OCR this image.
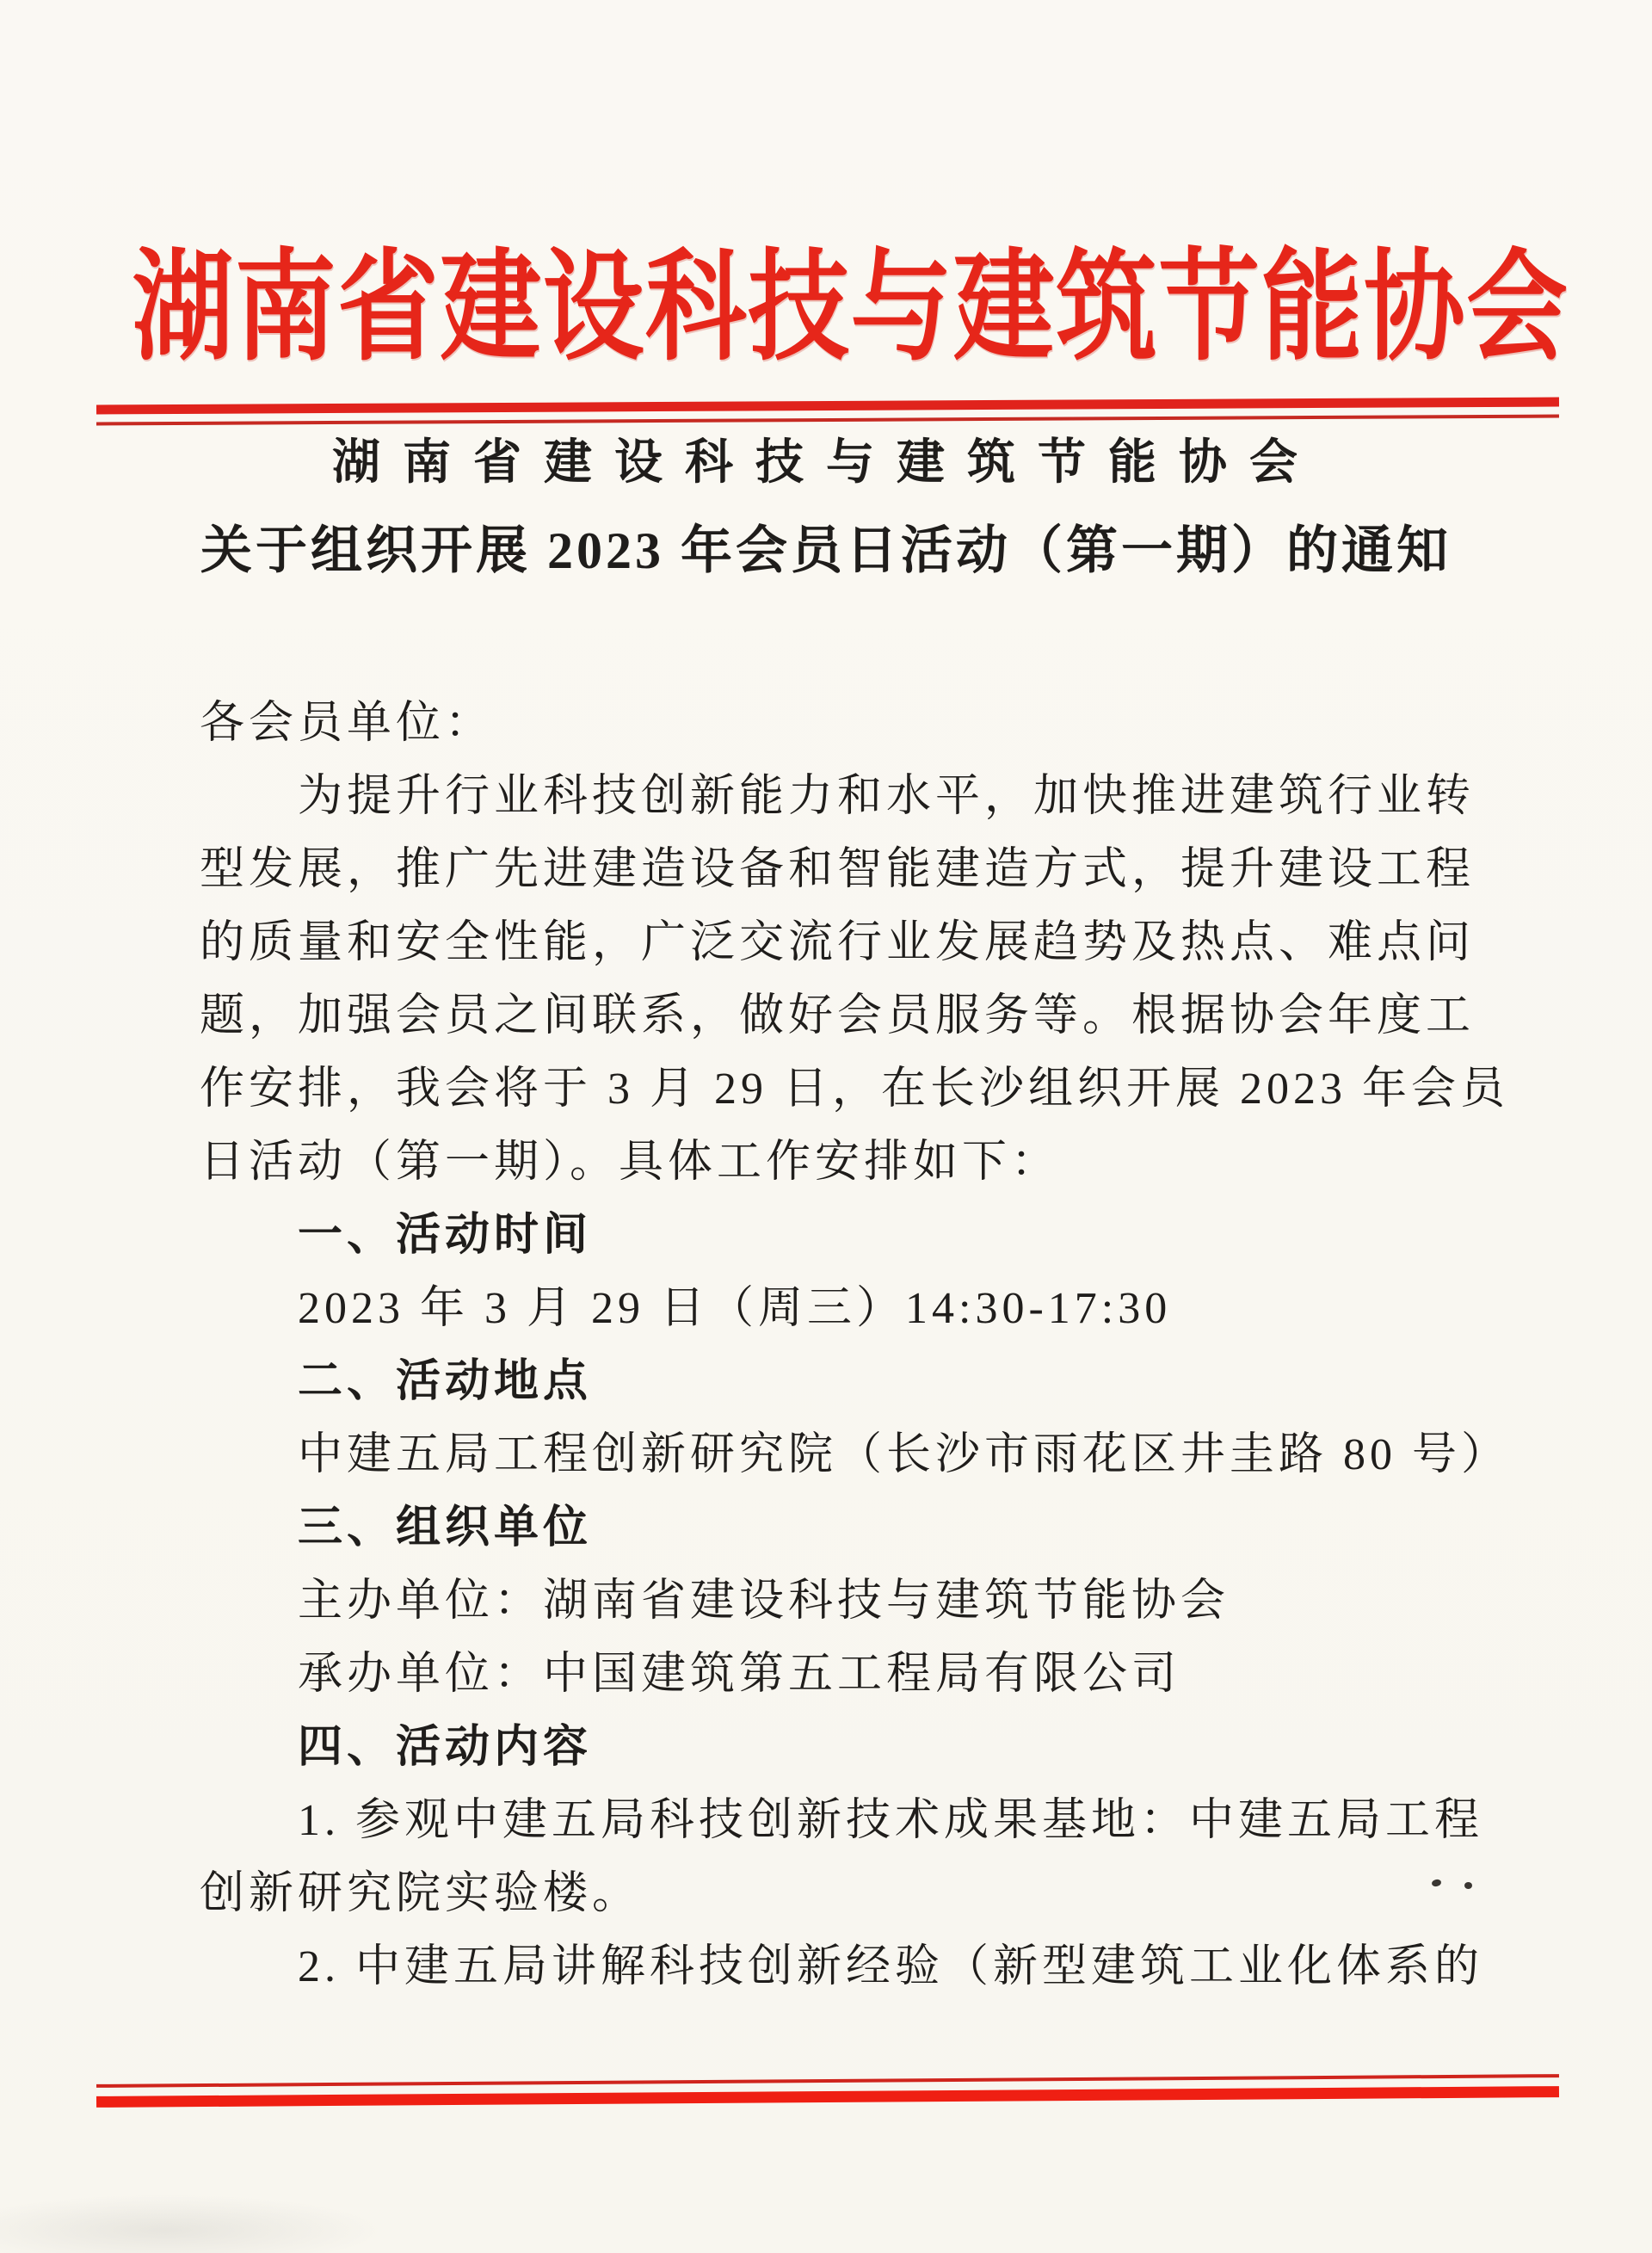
湖南省建设科技与建筑节能协会
湖南省建设科技与建筑节能协会
关于组织开展 2023 年会员日活动（第一期）的通知
各会员单位：
为提升行业科技创新能力和水平，加快推进建筑行业转
型发展，推广先进建造设备和智能建造方式，提升建设工程
的质量和安全性能，广泛交流行业发展趋势及热点、难点问
题，加强会员之间联系，做好会员服务等。根据协会年度工
作安排，我会将于 3 月 29 日，在长沙组织开展 2023 年会员
日活动（第一期）。具体工作安排如下：
一、活动时间
2023 年 3 月 29 日（周三）14:30-17:30
二、活动地点
中建五局工程创新研究院（长沙市雨花区井圭路 80 号）
三、组织单位
主办单位：湖南省建设科技与建筑节能协会
承办单位：中国建筑第五工程局有限公司
四、活动内容
1. 参观中建五局科技创新技术成果基地：中建五局工程
创新研究院实验楼。
2. 中建五局讲解科技创新经验（新型建筑工业化体系的
